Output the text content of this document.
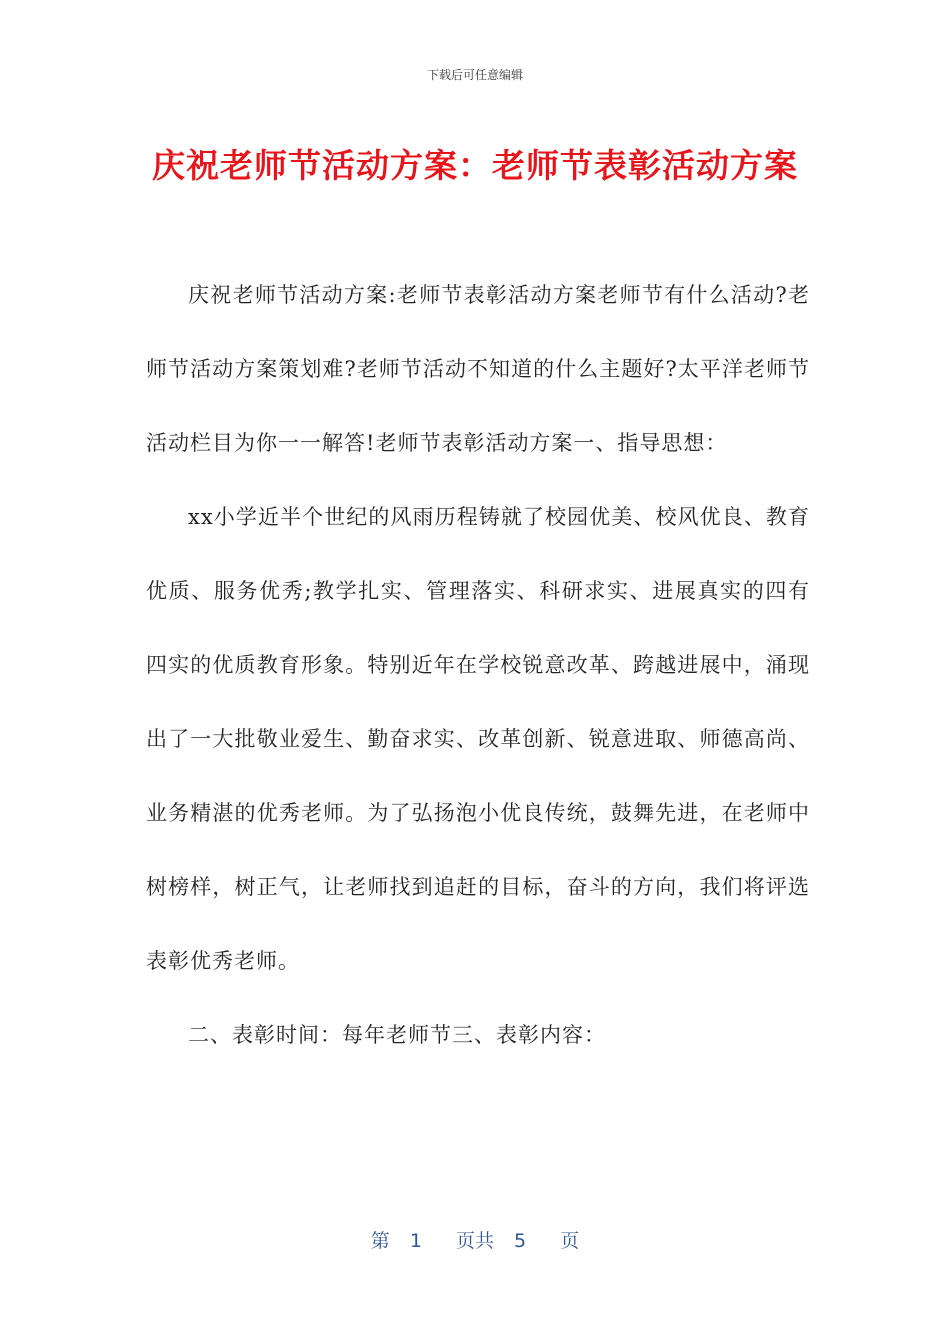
下载后可任意编辑
庆祝老师节活动方案：老师节表彰活动方案

庆祝老师节活动方案:老师节表彰活动方案老师节有什么活动?老师节活动方案策划难?老师节活动不知道的什么主题好?太平洋老师节活动栏目为你一一解答!老师节表彰活动方案一、指导思想：

xx小学近半个世纪的风雨历程铸就了校园优美、校风优良、教育优质、服务优秀;教学扎实、管理落实、科研求实、进展真实的四有四实的优质教育形象。特别近年在学校锐意改革、跨越进展中，涌现出了一大批敬业爱生、勤奋求实、改革创新、锐意进取、师德高尚、业务精湛的优秀老师。为了弘扬泡小优良传统，鼓舞先进，在老师中树榜样，树正气，让老师找到追赶的目标，奋斗的方向，我们将评选表彰优秀老师。

二、表彰时间：每年老师节三、表彰内容：

第 1 页共 5 页
